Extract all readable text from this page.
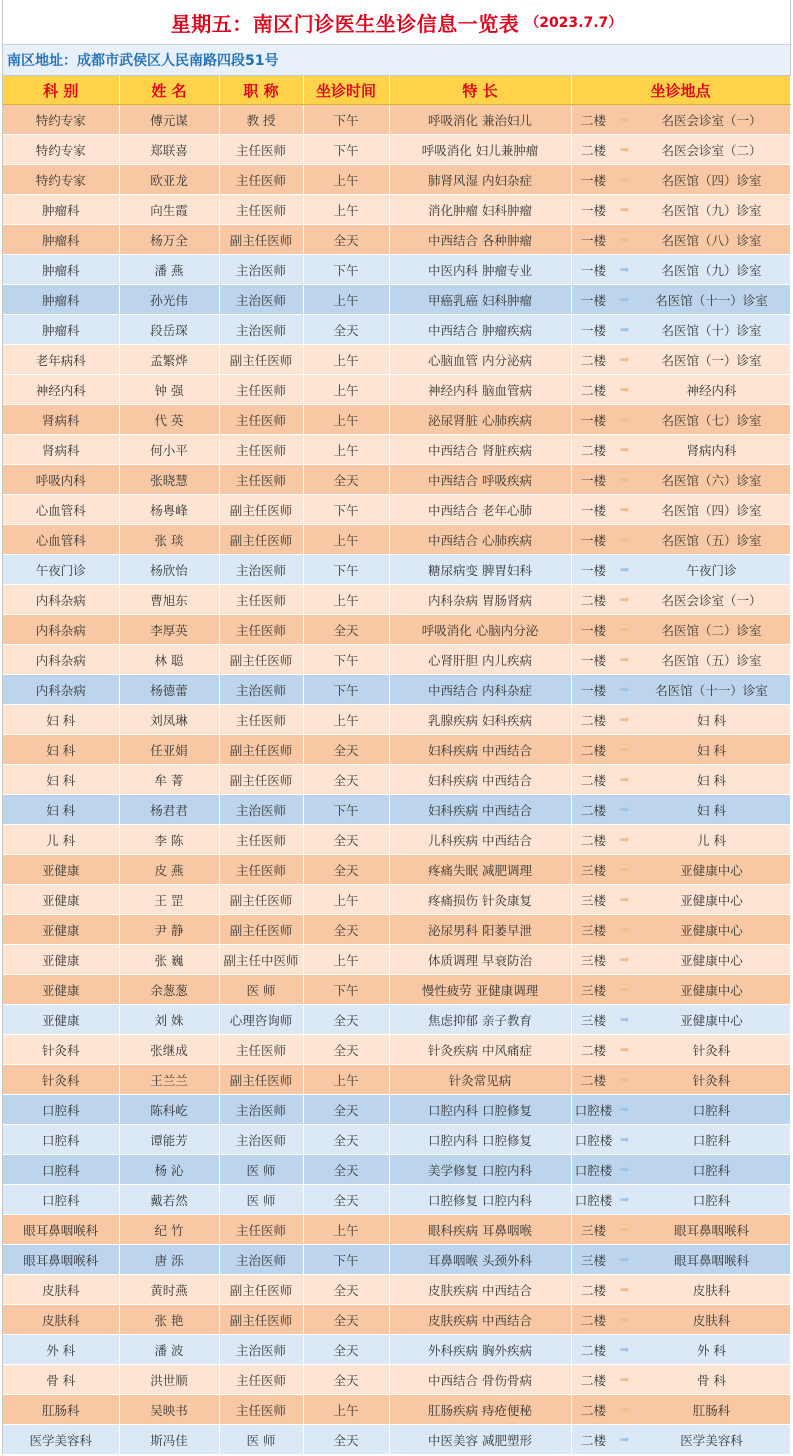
星期五：南区门诊医生坐诊信息一览表 （2023.7.7）
南区地址：成都市武侯区人民南路四段51号
科 别	姓 名	职 称	坐诊时间	特 长	坐诊地点
特约专家	傅元谋	教 授	下午	呼吸消化 兼治妇儿	二楼 ➡ 名医会诊室（一）

特约专家	郑联喜	主任医师	下午	呼吸消化 妇儿兼肿瘤	二楼 ➡ 名医会诊室（二）

特约专家	欧亚龙	主任医师	上午	肺肾风湿 内妇杂症	一楼 ➡ 名医馆（四）诊室

肿瘤科	向生霞	主任医师	上午	消化肿瘤 妇科肿瘤	一楼 ➡ 名医馆（九）诊室

肿瘤科	杨万全	副主任医师	全天	中西结合 各种肿瘤	一楼 ➡ 名医馆（八）诊室

肿瘤科	潘 燕	主治医师	下午	中医内科 肿瘤专业	一楼 ➡ 名医馆（九）诊室

肿瘤科	孙光伟	主治医师	上午	甲癌乳癌 妇科肿瘤	一楼 ➡ 名医馆（十一）诊室

肿瘤科	段岳琛	主治医师	全天	中西结合 肿瘤疾病	一楼 ➡ 名医馆（十）诊室

老年病科	孟繁烨	副主任医师	上午	心脑血管 内分泌病	二楼 ➡ 名医馆（一）诊室

神经内科	钟 强	主任医师	上午	神经内科 脑血管病	二楼 ➡ 神经内科

肾病科	代 英	主任医师	上午	泌尿肾脏 心肺疾病	一楼 ➡ 名医馆（七）诊室

肾病科	何小平	主任医师	上午	中西结合 肾脏疾病	二楼 ➡ 肾病内科

呼吸内科	张晓慧	主任医师	全天	中西结合 呼吸疾病	一楼 ➡ 名医馆（六）诊室

心血管科	杨粤峰	副主任医师	下午	中西结合 老年心肺	一楼 ➡ 名医馆（四）诊室

心血管科	张 琰	副主任医师	上午	中西结合 心肺疾病	一楼 ➡ 名医馆（五）诊室

午夜门诊	杨欣怡	主治医师	下午	糖尿病变 脾胃妇科	一楼 ➡ 午夜门诊

内科杂病	曹旭东	主任医师	上午	内科杂病 胃肠肾病	二楼 ➡ 名医会诊室（一）

内科杂病	李厚英	主任医师	全天	呼吸消化 心脑内分泌	一楼 ➡ 名医馆（二）诊室

内科杂病	林 聪	副主任医师	下午	心肾肝胆 内儿疾病	一楼 ➡ 名医馆（五）诊室

内科杂病	杨德蕾	主治医师	下午	中西结合 内科杂症	一楼 ➡ 名医馆（十一）诊室

妇 科	刘凤琳	主任医师	上午	乳腺疾病 妇科疾病	二楼 ➡ 妇 科

妇 科	任亚娟	副主任医师	全天	妇科疾病 中西结合	二楼 ➡ 妇 科

妇 科	牟 菁	副主任医师	全天	妇科疾病 中西结合	二楼 ➡ 妇 科

妇 科	杨君君	主治医师	下午	妇科疾病 中西结合	二楼 ➡ 妇 科

儿 科	李 陈	主任医师	全天	儿科疾病 中西结合	二楼 ➡ 儿 科

亚健康	皮 燕	主任医师	全天	疼痛失眠 减肥调理	三楼 ➡ 亚健康中心

亚健康	王 罡	副主任医师	上午	疼痛损伤 针灸康复	三楼 ➡ 亚健康中心

亚健康	尹 静	副主任医师	全天	泌尿男科 阳萎早泄	三楼 ➡ 亚健康中心

亚健康	张 巍	副主任中医师	上午	体质调理 早衰防治	三楼 ➡ 亚健康中心

亚健康	余葱葱	医 师	下午	慢性疲劳 亚健康调理	三楼 ➡ 亚健康中心

亚健康	刘 姝	心理咨询师	全天	焦虑抑郁 亲子教育	三楼 ➡ 亚健康中心

针灸科	张继成	主任医师	全天	针灸疾病 中风痛症	二楼 ➡ 针灸科

针灸科	王兰兰	副主任医师	上午	针灸常见病	二楼 ➡ 针灸科

口腔科	陈科屹	主治医师	全天	口腔内科 口腔修复	口腔楼 ➡ 口腔科

口腔科	谭能芳	主治医师	全天	口腔内科 口腔修复	口腔楼 ➡ 口腔科

口腔科	杨 沁	医 师	全天	美学修复 口腔内科	口腔楼 ➡ 口腔科

口腔科	戴若然	医 师	全天	口腔修复 口腔内科	口腔楼 ➡ 口腔科

眼耳鼻咽喉科	纪 竹	主任医师	上午	眼科疾病 耳鼻咽喉	三楼 ➡ 眼耳鼻咽喉科

眼耳鼻咽喉科	唐 泺	主治医师	下午	耳鼻咽喉 头颈外科	三楼 ➡ 眼耳鼻咽喉科

皮肤科	黄时燕	副主任医师	全天	皮肤疾病 中西结合	二楼 ➡ 皮肤科

皮肤科	张 艳	副主任医师	全天	皮肤疾病 中西结合	二楼 ➡ 皮肤科

外 科	潘 波	主治医师	全天	外科疾病 胸外疾病	二楼 ➡ 外 科

骨 科	洪世顺	主任医师	全天	中西结合 骨伤骨病	二楼 ➡ 骨 科

肛肠科	吴映书	主任医师	上午	肛肠疾病 痔疮便秘	二楼 ➡ 肛肠科

医学美容科	斯冯佳	医 师	全天	中医美容 减肥塑形	二楼 ➡ 医学美容科
